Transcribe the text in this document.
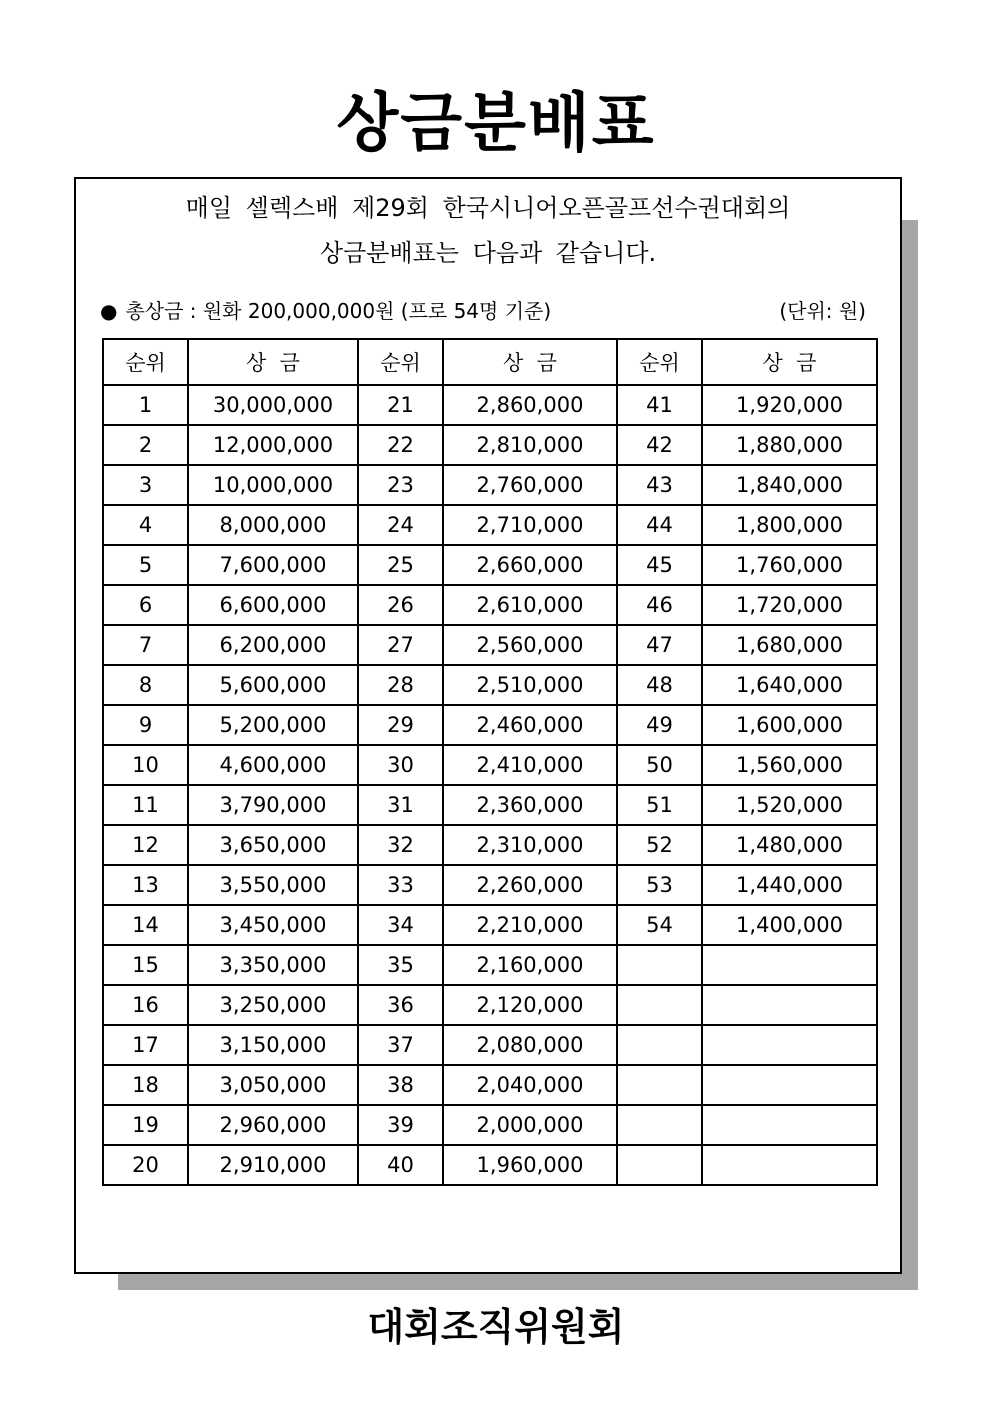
상금분배표
매일 셀렉스배 제29회 한국시니어오픈골프선수권대회의
상금분배표는 다음과 같습니다.
● 총상금 : 원화 200,000,000원 (프로 54명 기준)	(단위: 원)
순위	상  금	순위	상  금	순위	상  금
1	30,000,000	21	2,860,000	41	1,920,000
2	12,000,000	22	2,810,000	42	1,880,000
3	10,000,000	23	2,760,000	43	1,840,000
4	8,000,000	24	2,710,000	44	1,800,000
5	7,600,000	25	2,660,000	45	1,760,000
6	6,600,000	26	2,610,000	46	1,720,000
7	6,200,000	27	2,560,000	47	1,680,000
8	5,600,000	28	2,510,000	48	1,640,000
9	5,200,000	29	2,460,000	49	1,600,000
10	4,600,000	30	2,410,000	50	1,560,000
11	3,790,000	31	2,360,000	51	1,520,000
12	3,650,000	32	2,310,000	52	1,480,000
13	3,550,000	33	2,260,000	53	1,440,000
14	3,450,000	34	2,210,000	54	1,400,000
15	3,350,000	35	2,160,000		
16	3,250,000	36	2,120,000		
17	3,150,000	37	2,080,000		
18	3,050,000	38	2,040,000		
19	2,960,000	39	2,000,000		
20	2,910,000	40	1,960,000		
대회조직위원회
